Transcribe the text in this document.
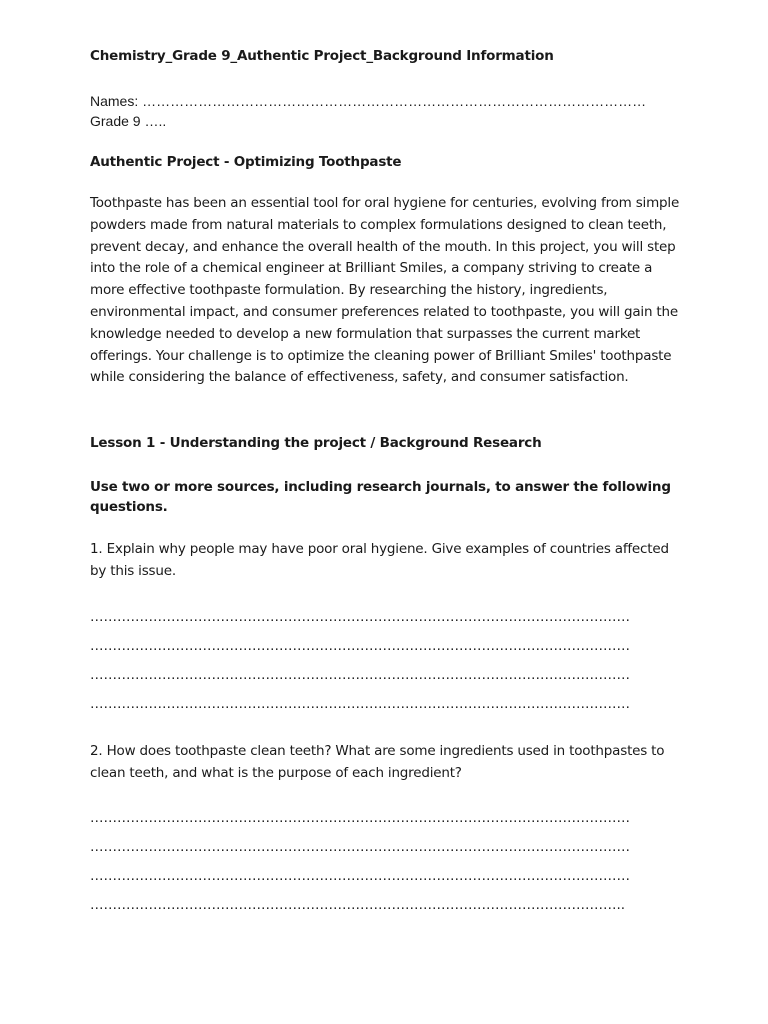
Chemistry_Grade 9_Authentic Project_Background Information
Names: ………………………………………………………………………………………………
Grade 9 …..
Authentic Project - Optimizing Toothpaste

Toothpaste has been an essential tool for oral hygiene for centuries, evolving from simple powders made from natural materials to complex formulations designed to clean teeth, prevent decay, and enhance the overall health of the mouth. In this project, you will step into the role of a chemical engineer at Brilliant Smiles, a company striving to create a more effective toothpaste formulation. By researching the history, ingredients, environmental impact, and consumer preferences related to toothpaste, you will gain the knowledge needed to develop a new formulation that surpasses the current market offerings. Your challenge is to optimize the cleaning power of Brilliant Smiles' toothpaste while considering the balance of effectiveness, safety, and consumer satisfaction.

Lesson 1 - Understanding the project / Background Research
Use two or more sources, including research journals, to answer the following questions.

1. Explain why people may have poor oral hygiene. Give examples of countries affected by this issue.

…………………………………………………………………………………………………………
…………………………………………………………………………………………………………
…………………………………………………………………………………………………………
…………………………………………………………………………………………………………

2. How does toothpaste clean teeth? What are some ingredients used in toothpastes to clean teeth, and what is the purpose of each ingredient?

…………………………………………………………………………………………………………
…………………………………………………………………………………………………………
…………………………………………………………………………………………………………
………………………………………………………………………………………………………..
